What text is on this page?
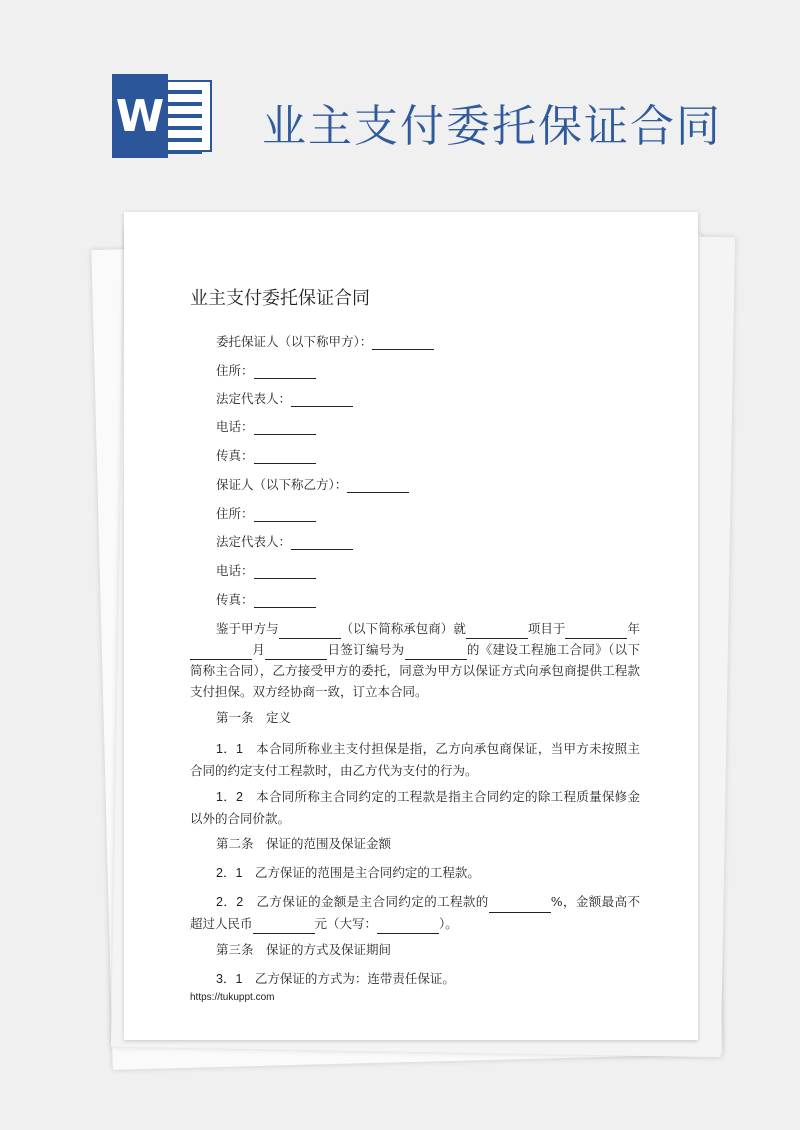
W 业主支付委托保证合同
业主支付委托保证合同
委托保证人（以下称甲方）：
住所：
法定代表人：
电话：
传真：
保证人（以下称乙方）：
住所：
法定代表人：
电话：
传真：
鉴于甲方与	（以下简称承包商）就	项目于	年月	日签订编号为	的《建设工程施工合同》（以下简称主合同），乙方接受甲方的委托，同意为甲方以保证方式向承包商提供工程款支付担保。双方经协商一致，订立本合同。
第一条　定义
1．1　 本合同所称业主支付担保是指，乙方向承包商保证，当甲方未按照主合同的约定支付工程款时，由乙方代为支付的行为。
1．2　 本合同所称主合同约定的工程款是指主合同约定的除工程质量保修金以外的合同价款。
第二条　保证的范围及保证金额
2．1　 乙方保证的范围是主合同约定的工程款。
2．2　 乙方保证的金额是主合同约定的工程款的	%，金额最高不超过人民币	元（大写：	）。
第三条　保证的方式及保证期间
3．1　 乙方保证的方式为：连带责任保证。
https://tukuppt.com
